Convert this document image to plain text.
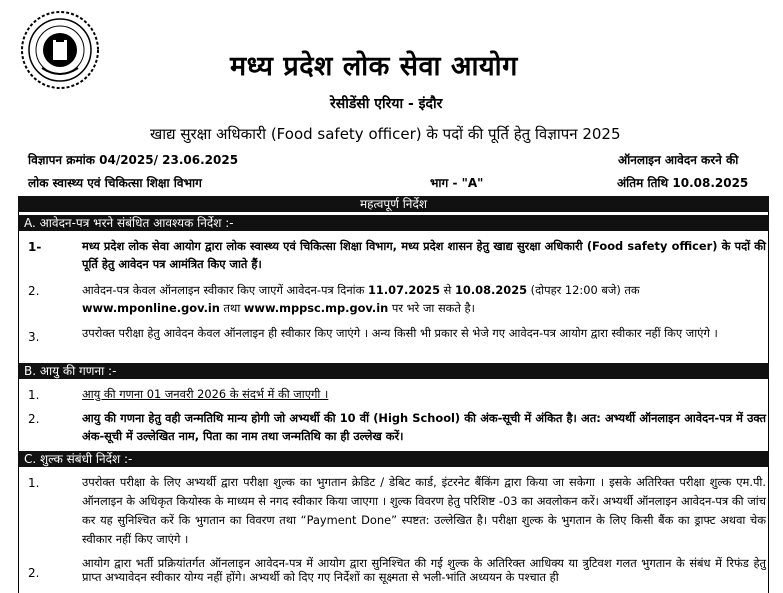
मध्य प्रदेश लोक सेवा आयोग
रेसीडेंसी एरिया - इंदौर
खाद्य सुरक्षा अधिकारी (Food safety officer) के पदों की पूर्ति हेतु विज्ञापन 2025
विज्ञापन क्रमांक 04/2025/ 23.06.2025	ऑनलाइन आवेदन करने की
लोक स्वास्थ्य एवं चिकित्सा शिक्षा विभाग	भाग - "A"	अंतिम तिथि 10.08.2025
महत्वपूर्ण निर्देश
A. आवेदन-पत्र भरने संबंधित आवश्यक निर्देश :-
1-	मध्य प्रदेश लोक सेवा आयोग द्वारा लोक स्वास्थ्य एवं चिकित्सा शिक्षा विभाग, मध्य प्रदेश शासन हेतु खाद्य सुरक्षा अधिकारी (Food safety officer) के पदों की पूर्ति हेतु आवेदन पत्र आमंत्रित किए जाते हैं।
2.	आवेदन-पत्र केवल ऑनलाइन स्वीकार किए जाएगें आवेदन-पत्र दिनांक 11.07.2025 से 10.08.2025 (दोपहर 12:00 बजे) तक
www.mponline.gov.in तथा www.mppsc.mp.gov.in पर भरे जा सकते है।
3.	उपरोक्त परीक्षा हेतु आवेदन केवल ऑनलाइन ही स्वीकार किए जाएंगे । अन्य किसी भी प्रकार से भेजे गए आवेदन-पत्र आयोग द्वारा स्वीकार नहीं किए जाएंगे ।
B. आयु की गणना :-
1.	आयु की गणना 01 जनवरी 2026 के संदर्भ में की जाएगी ।
2.	आयु की गणना हेतु वही जन्मतिथि मान्य होगी जो अभ्यर्थी की 10 वीं (High School) की अंक-सूची में अंकित है। अत: अभ्यर्थी ऑनलाइन आवेदन-पत्र में उक्त अंक-सूची में उल्लेखित नाम, पिता का नाम तथा जन्मतिथि का ही उल्लेख करें।
C. शुल्क संबंधी निर्देश :-
1.	उपरोक्त परीक्षा के लिए अभ्यर्थी द्वारा परीक्षा शुल्क का भुगतान क्रेडिट / डेबिट कार्ड, इंटरनेट बैंकिंग द्वारा किया जा सकेगा । इसके अतिरिक्त परीक्षा शुल्क एम.पी. ऑनलाइन के अधिकृत कियोस्क के माध्यम से नगद स्वीकार किया जाएगा । शुल्क विवरण हेतु परिशिष्ट -03 का अवलोकन करें। अभ्यर्थी ऑनलाइन आवेदन-पत्र की जांच कर यह सुनिश्चित करें कि भुगतान का विवरण तथा “Payment Done” स्पष्टत: उल्लेखित है। परीक्षा शुल्क के भुगतान के लिए किसी बैंक का ड्राफ्ट अथवा चेक स्वीकार नहीं किए जाएंगे ।
2.
आयोग द्वारा भर्ती प्रक्रियांतर्गत ऑनलाइन आवेदन-पत्र में आयोग द्वारा सुनिश्चित की गई शुल्क के अतिरिक्त आधिक्य या त्रुटिवश गलत भुगतान के संबंध में रिफंड हेतु प्राप्त अभ्यावेदन स्वीकार योग्य नहीं होंगे। अभ्यर्थी को दिए गए निर्देशों का सूक्ष्मता से भली-भांति अध्ययन के पश्चात ही
